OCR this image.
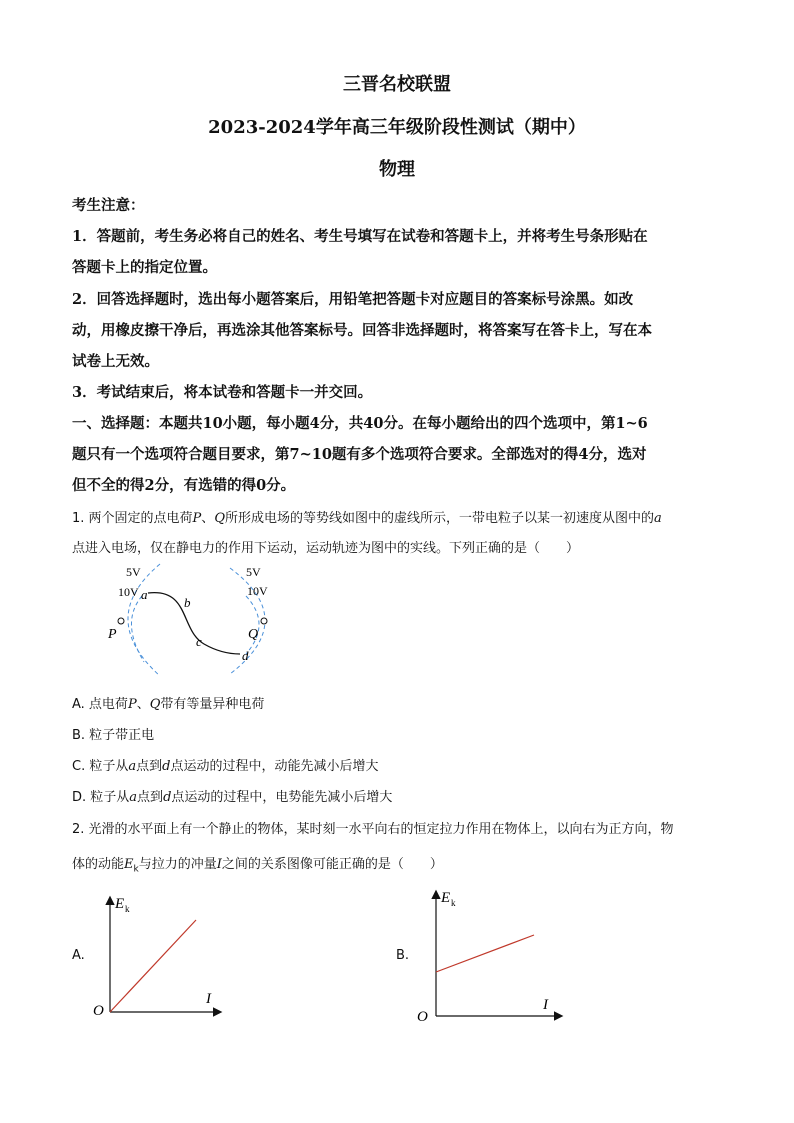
三晋名校联盟
2023-2024学年高三年级阶段性测试（期中）
物理
考生注意：
1．答题前，考生务必将自己的姓名、考生号填写在试卷和答题卡上，并将考生号条形贴在
答题卡上的指定位置。
2．回答选择题时，选出每小题答案后，用铅笔把答题卡对应题目的答案标号涂黑。如改
动，用橡皮擦干净后，再选涂其他答案标号。回答非选择题时，将答案写在答卡上，写在本
试卷上无效。
3．考试结束后，将本试卷和答题卡一并交回。
一、选择题：本题共10小题，每小题4分，共40分。在每小题给出的四个选项中，第1~6
题只有一个选项符合题目要求，第7~10题有多个选项符合要求。全部选对的得4分，选对
但不全的得2分，有选错的得0分。
1. 两个固定的点电荷P、Q所形成电场的等势线如图中的虚线所示，一带电粒子以某一初速度从图中的a
点进入电场，仅在静电力的作用下运动，运动轨迹为图中的实线。下列正确的是（　　）
5V
10V
5V
10V
a
b
c
d
P	Q
A. 点电荷P、Q带有等量异种电荷
B. 粒子带正电
C. 粒子从a点到d点运动的过程中，动能先减小后增大
D. 粒子从a点到d点运动的过程中，电势能先减小后增大
2. 光滑的水平面上有一个静止的物体，某时刻一水平向右的恒定拉力作用在物体上，以向右为正方向，物
体的动能$E_k$与拉力的冲量I之间的关系图像可能正确的是（　　）
A.
E k
I
O
B.
E k
I
O
